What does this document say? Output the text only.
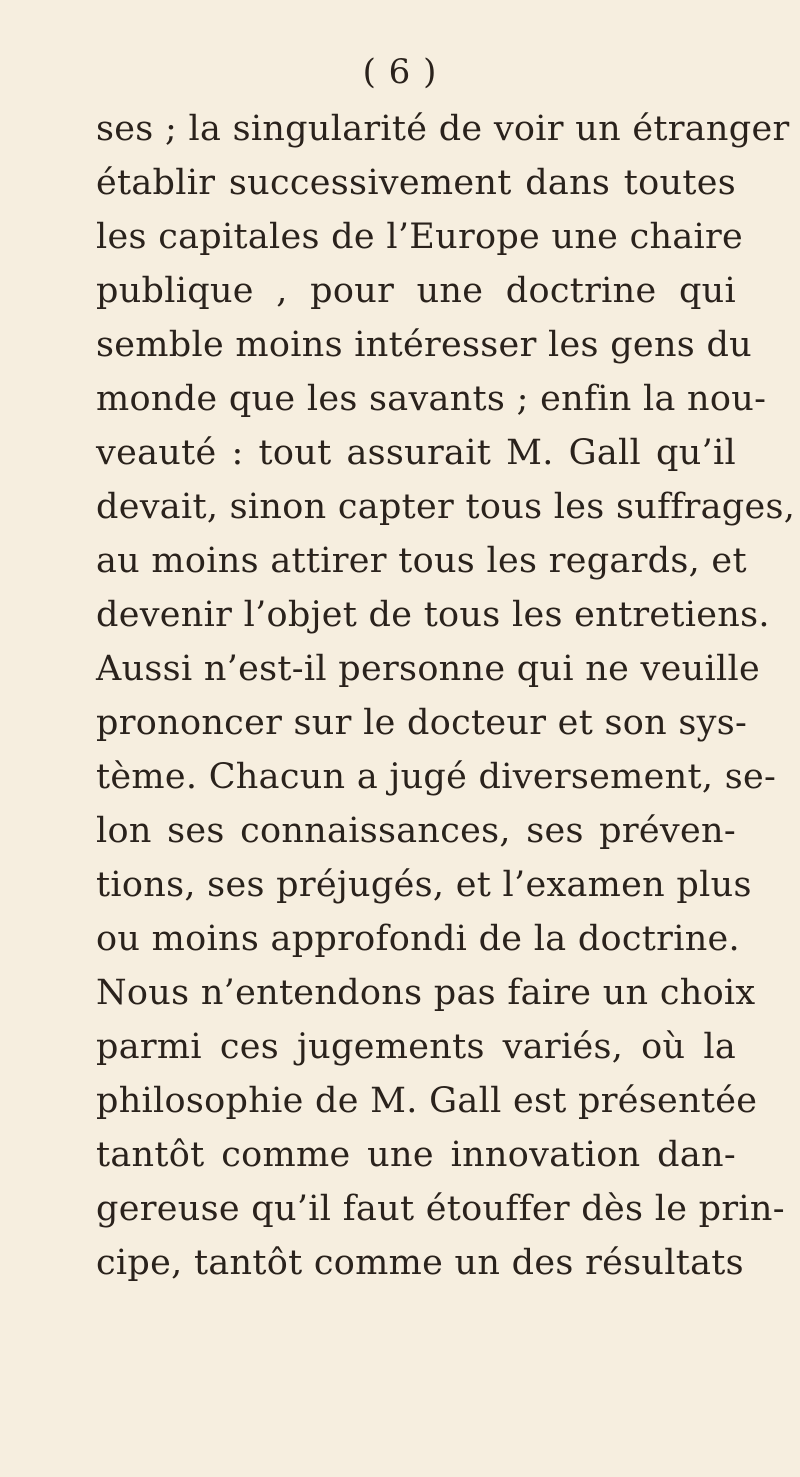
( 6 )
ses ; la singularité de voir un étranger
établir successivement dans toutes
les capitales de l’Europe une chaire
publique , pour une doctrine qui
semble moins intéresser les gens du
monde que les savants ; enfin la nou-
veauté : tout assurait M. Gall qu’il
devait, sinon capter tous les suffrages,
au moins attirer tous les regards, et
devenir l’objet de tous les entretiens.
Aussi n’est-il personne qui ne veuille
prononcer sur le docteur et son sys-
tème. Chacun a jugé diversement, se-
lon ses connaissances, ses préven-
tions, ses préjugés, et l’examen plus
ou moins approfondi de la doctrine.
Nous n’entendons pas faire un choix
parmi ces jugements variés, où la
philosophie de M. Gall est présentée
tantôt comme une innovation dan-
gereuse qu’il faut étouffer dès le prin-
cipe, tantôt comme un des résultats
